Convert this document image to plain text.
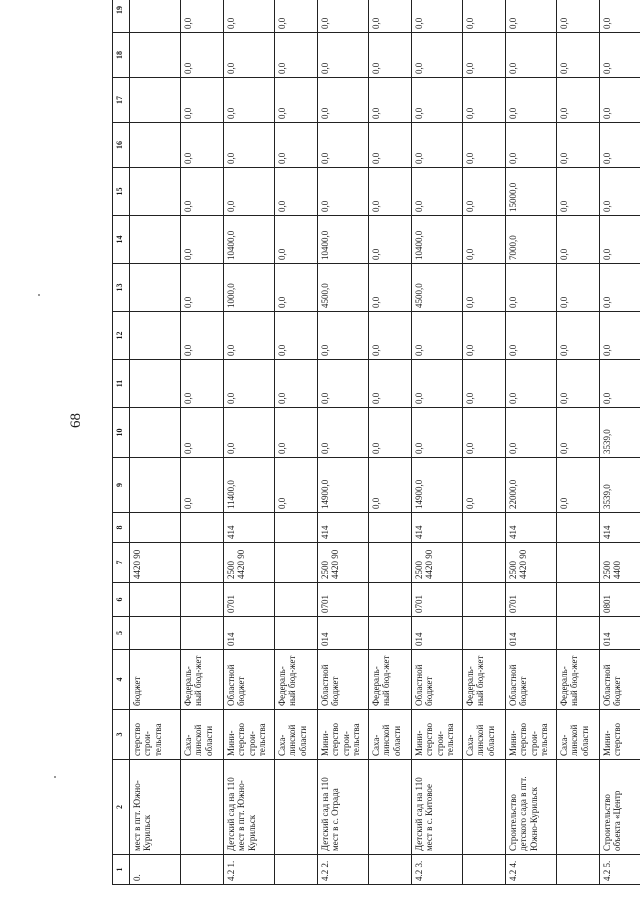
68
1	2	3	4	5	6	7	8	9	10	11	12	13	14	15	16	17	18	19
0.	мест в пгт. Южно-Курильск	стерство строи-тельства	бюджет			4420 90												
		Саха-линской области	Федераль-ный бюд-жет					0,0	0,0	0,0	0,0	0,0	0,0	0,0	0,0	0,0	0,0	0,0
4.2 1.	Детский сад на 110 мест в пгт. Южно-Курильск	Мини-стерство строи-тельства	Областной бюджет	014	0701	2500 4420 90	414	11400,0	0,0	0,0	0,0	1000,0	10400,0	0,0	0,0	0,0	0,0	0,0
		Саха-линской области	Федераль-ный бюд-жет					0,0	0,0	0,0	0,0	0,0	0,0	0,0	0,0	0,0	0,0	0,0
4.2 2.	Детский сад на 110 мест в с. Отрада	Мини-стерство строи-тельства	Областной бюджет	014	0701	2500 4420 90	414	14900,0	0,0	0,0	0,0	4500,0	10400,0	0,0	0,0	0,0	0,0	0,0
		Саха-линской области	Федераль-ный бюд-жет					0,0	0,0	0,0	0,0	0,0	0,0	0,0	0,0	0,0	0,0	0,0
4.2 3.	Детский сад на 110 мест в с. Китовое	Мини-стерство строи-тельства	Областной бюджет	014	0701	2500 4420 90	414	14900,0	0,0	0,0	0,0	4500,0	10400,0	0,0	0,0	0,0	0,0	0,0
		Саха-линской области	Федераль-ный бюд-жет					0,0	0,0	0,0	0,0	0,0	0,0	0,0	0,0	0,0	0,0	0,0
4.2 4.	Строительство детского сада в пгт. Южно-Курильск	Мини-стерство строи-тельства	Областной бюджет	014	0701	2500 4420 90	414	22000,0	0,0	0,0	0,0	0,0	7000,0	15000,0	0,0	0,0	0,0	0,0
		Саха-линской области	Федераль-ный бюд-жет					0,0	0,0	0,0	0,0	0,0	0,0	0,0	0,0	0,0	0,0	0,0
4.2 5.	Строительство объекта «Центр	Мини-стерство	Областной бюджет	014	0801	2500 4400	414	3539,0	3539,0	0,0	0,0	0,0	0,0	0,0	0,0	0,0	0,0	0,0
